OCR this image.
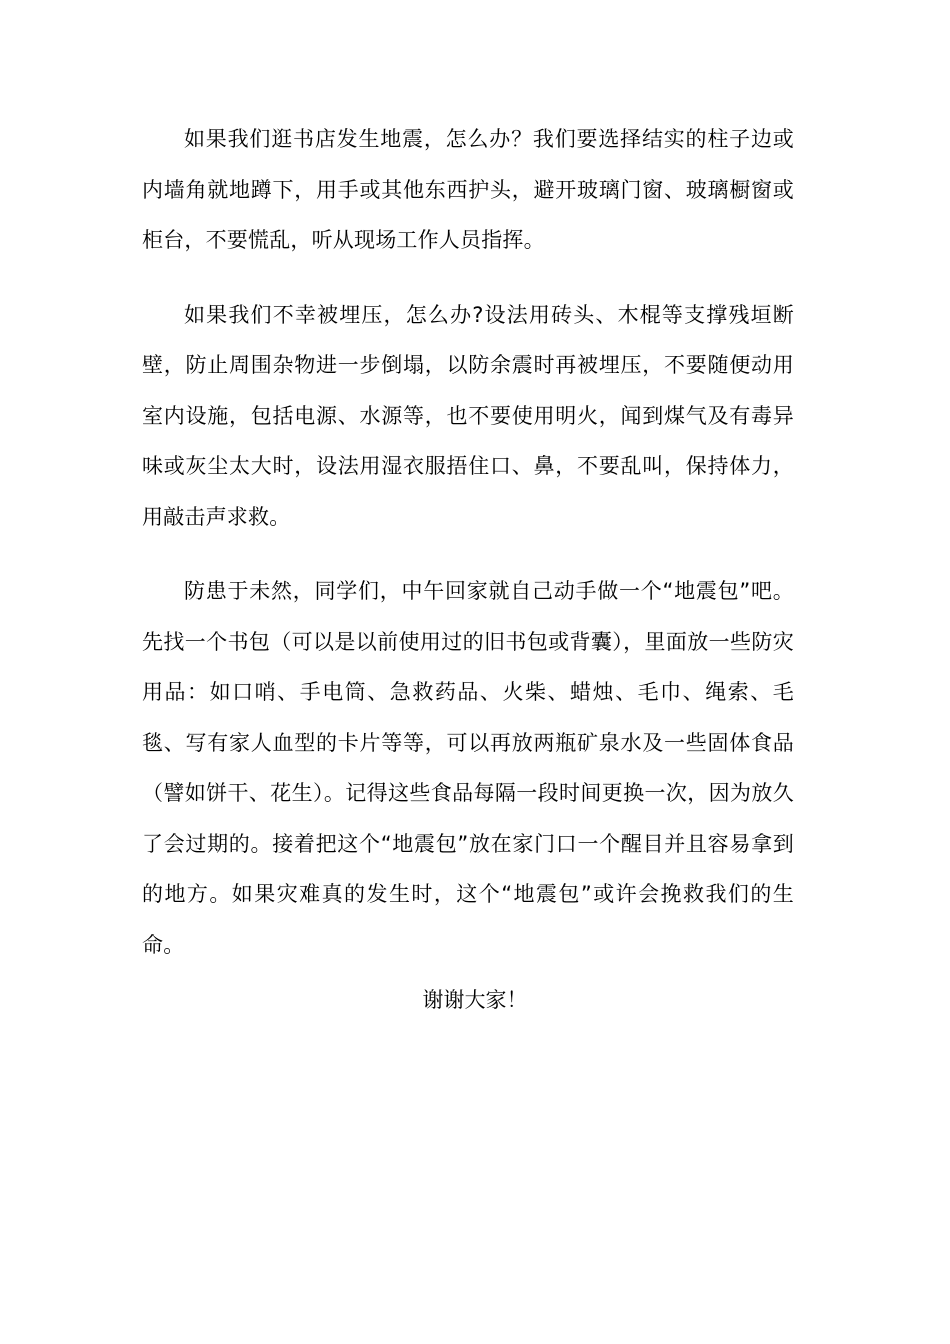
如果我们逛书店发生地震，怎么办？我们要选择结实的柱子边或内墙角就地蹲下，用手或其他东西护头，避开玻璃门窗、玻璃橱窗或柜台，不要慌乱，听从现场工作人员指挥。

如果我们不幸被埋压，怎么办?设法用砖头、木棍等支撑残垣断壁，防止周围杂物进一步倒塌，以防余震时再被埋压，不要随便动用室内设施，包括电源、水源等，也不要使用明火，闻到煤气及有毒异味或灰尘太大时，设法用湿衣服捂住口、鼻，不要乱叫，保持体力，用敲击声求救。

防患于未然，同学们，中午回家就自己动手做一个“地震包”吧。先找一个书包（可以是以前使用过的旧书包或背囊），里面放一些防灾用品：如口哨、手电筒、急救药品、火柴、蜡烛、毛巾、绳索、毛毯、写有家人血型的卡片等等，可以再放两瓶矿泉水及一些固体食品（譬如饼干、花生）。记得这些食品每隔一段时间更换一次，因为放久了会过期的。接着把这个“地震包”放在家门口一个醒目并且容易拿到的地方。如果灾难真的发生时，这个“地震包”或许会挽救我们的生命。

谢谢大家！
